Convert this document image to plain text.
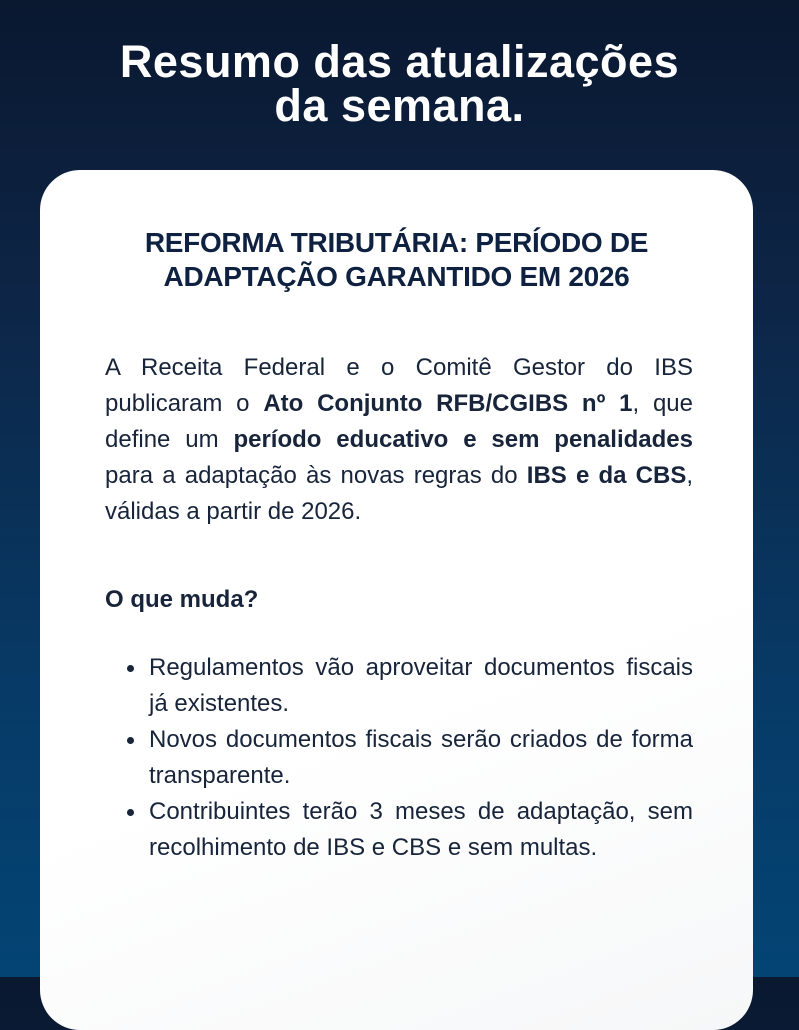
Resumo das atualizações
da semana.
REFORMA TRIBUTÁRIA: PERÍODO DE
ADAPTAÇÃO GARANTIDO EM 2026

A Receita Federal e o Comitê Gestor do IBS publicaram o Ato Conjunto RFB/CGIBS nº 1, que define um período educativo e sem penalidades para a adaptação às novas regras do IBS e da CBS, válidas a partir de 2026.

O que muda?
Regulamentos vão aproveitar documentos fiscais já existentes.
Novos documentos fiscais serão criados de forma transparente.
Contribuintes terão 3 meses de adaptação, sem recolhimento de IBS e CBS e sem multas.
